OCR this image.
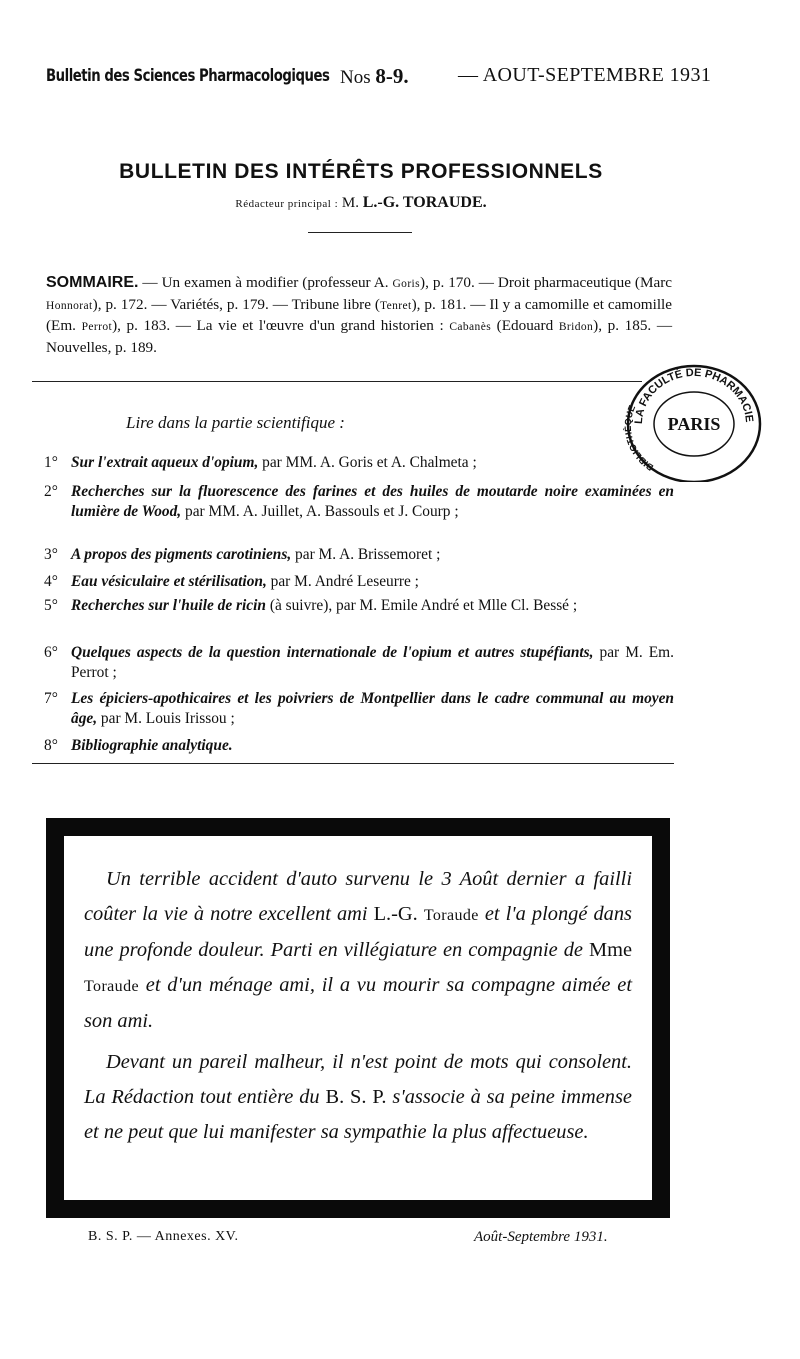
Bulletin des Sciences Pharmacologiques Nos 8-9. — AOUT-SEPTEMBRE 1931
BULLETIN DES INTÉRÊTS PROFESSIONNELS
Rédacteur principal : M. L.-G. TORAUDE.
SOMMAIRE. — Un examen à modifier (professeur A. Goris), p. 170. — Droit pharmaceutique (Marc Honnorat), p. 172. — Variétés, p. 179. — Tribune libre (Tenret), p. 181. — Il y a camomille et camomille (Em. Perrot), p. 183. — La vie et l'œuvre d'un grand historien : Cabanès (Edouard Bridon), p. 185. — Nouvelles, p. 189.
LA FACULTÉ DE PHARMACIE
BIBLIOTHÈQUE
PARIS
Lire dans la partie scientifique :
1° Sur l'extrait aqueux d'opium, par MM. A. Goris et A. Chalmeta ;
2° Recherches sur la fluorescence des farines et des huiles de moutarde noire examinées en lumière de Wood, par MM. A. Juillet, A. Bassouls et J. Courp ;
3° A propos des pigments carotiniens, par M. A. Brissemoret ;
4° Eau vésiculaire et stérilisation, par M. André Leseurre ;
5° Recherches sur l'huile de ricin (à suivre), par M. Emile André et Mlle Cl. Bessé ;
6° Quelques aspects de la question internationale de l'opium et autres stupéfiants, par M. Em. Perrot ;
7° Les épiciers-apothicaires et les poivriers de Montpellier dans le cadre communal au moyen âge, par M. Louis Irissou ;
8° Bibliographie analytique.

Un terrible accident d'auto survenu le 3 Août dernier a failli coûter la vie à notre excellent ami L.-G. Toraude et l'a plongé dans une profonde douleur. Parti en villégiature en compagnie de Mme Toraude et d'un ménage ami, il a vu mourir sa compagne aimée et son ami.

Devant un pareil malheur, il n'est point de mots qui consolent. La Rédaction tout entière du B. S. P. s'associe à sa peine immense et ne peut que lui manifester sa sympathie la plus affectueuse.

B. S. P. — Annexes. XV.	Août-Septembre 1931.
